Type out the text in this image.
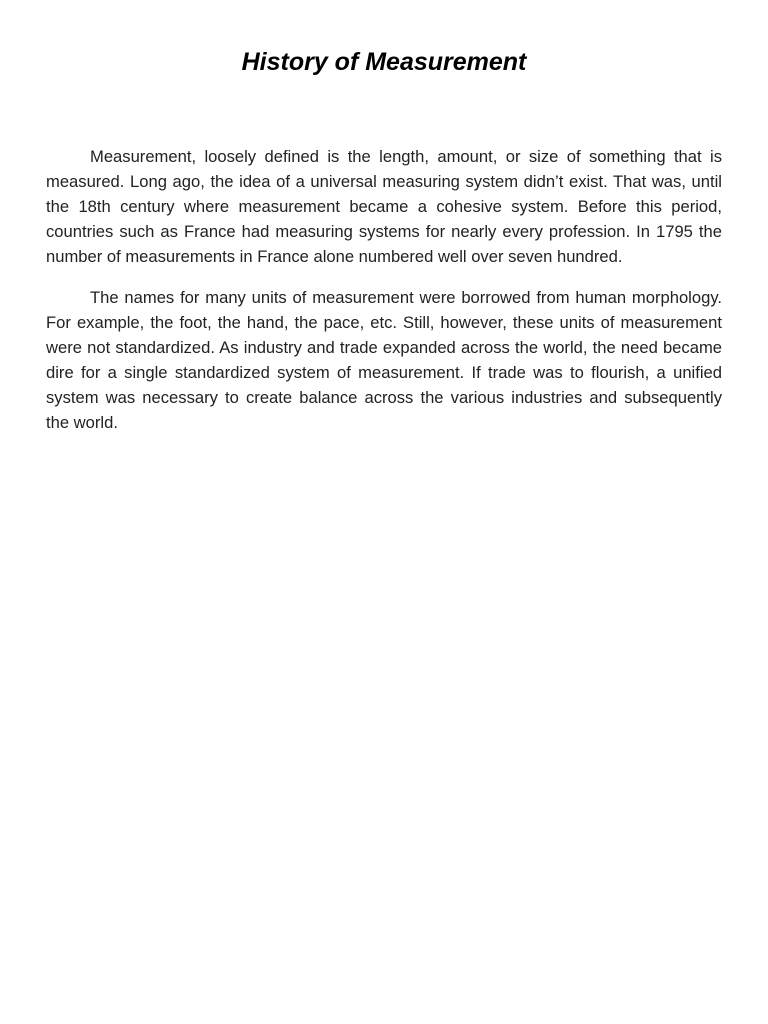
History of Measurement

Measurement, loosely defined is the length, amount, or size of something that is measured. Long ago, the idea of a universal measuring system didn’t exist. That was, until the 18th century where measurement became a cohesive system. Before this period, countries such as France had measuring systems for nearly every profession. In 1795 the number of measurements in France alone numbered well over seven hundred.

The names for many units of measurement were borrowed from human morphology. For example, the foot, the hand, the pace, etc. Still, however, these units of measurement were not standardized. As industry and trade expanded across the world, the need became dire for a single standardized system of measurement. If trade was to flourish, a unified system was necessary to create balance across the various industries and subsequently the world.
